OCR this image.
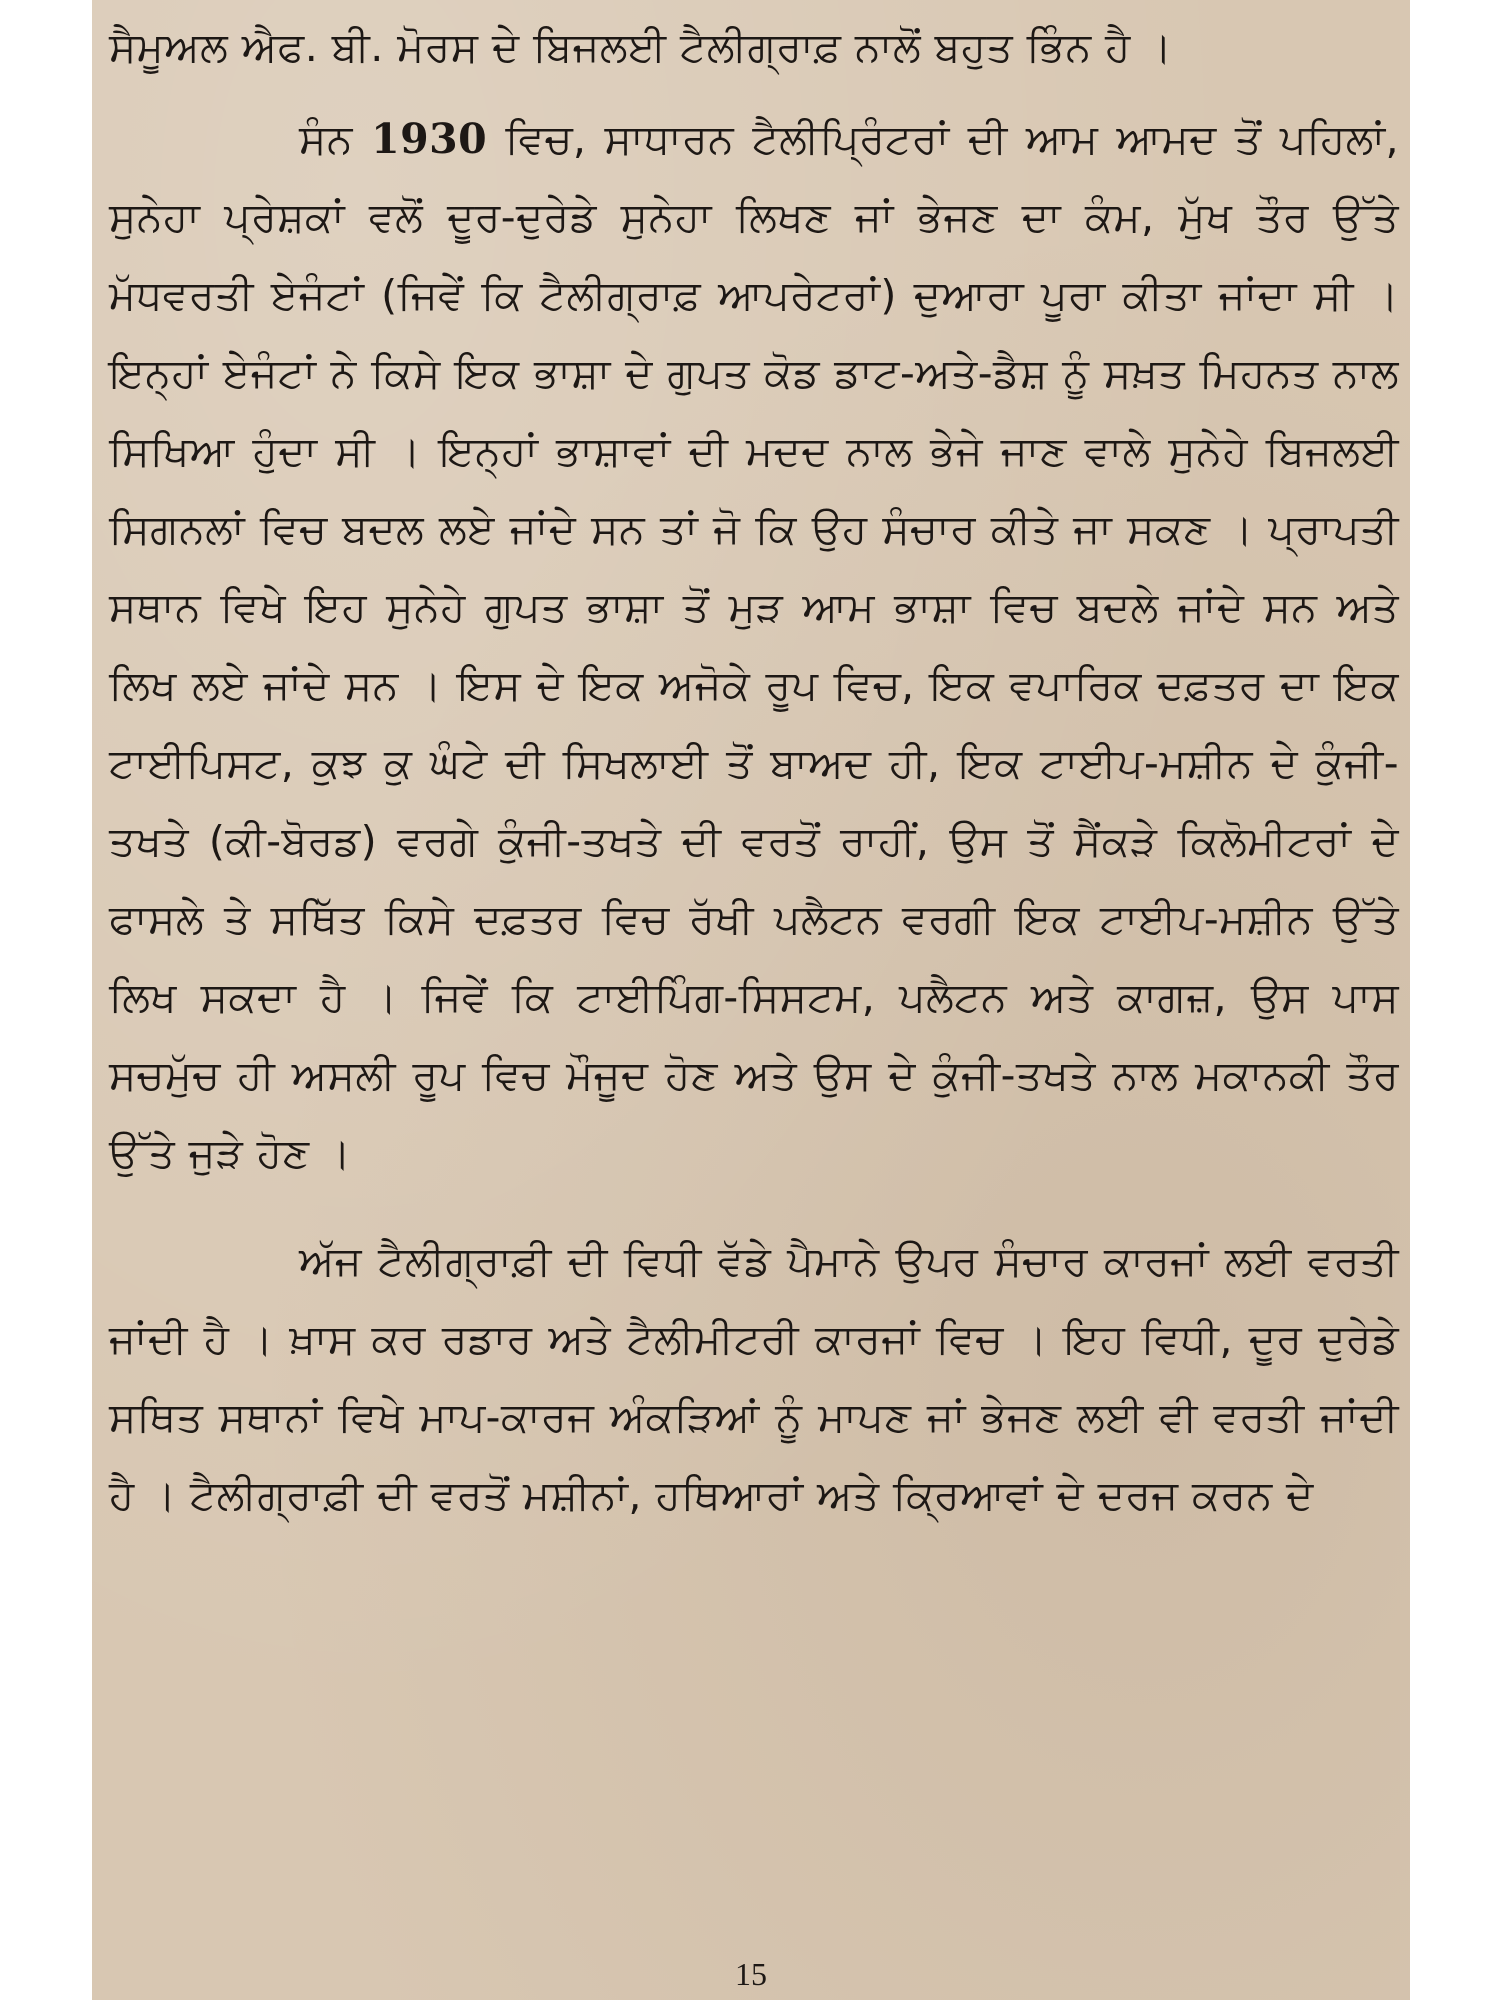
ਸੈਮੂਅਲ ਐਫ. ਬੀ. ਮੋਰਸ ਦੇ ਬਿਜਲਈ ਟੈਲੀਗ੍ਰਾਫ਼ ਨਾਲੋਂ ਬਹੁਤ ਭਿੰਨ ਹੈ ।

ਸੰਨ 1930 ਵਿਚ, ਸਾਧਾਰਨ ਟੈਲੀਪ੍ਰਿੰਟਰਾਂ ਦੀ ਆਮ ਆਮਦ ਤੋਂ ਪਹਿਲਾਂ, ਸੁਨੇਹਾ ਪ੍ਰੇਸ਼ਕਾਂ ਵਲੋਂ ਦੂਰ-ਦੁਰੇਡੇ ਸੁਨੇਹਾ ਲਿਖਣ ਜਾਂ ਭੇਜਣ ਦਾ ਕੰਮ, ਮੁੱਖ ਤੌਰ ਉੱਤੇ ਮੱਧਵਰਤੀ ਏਜੰਟਾਂ (ਜਿਵੇਂ ਕਿ ਟੈਲੀਗ੍ਰਾਫ਼ ਆਪਰੇਟਰਾਂ) ਦੁਆਰਾ ਪੂਰਾ ਕੀਤਾ ਜਾਂਦਾ ਸੀ । ਇਨ੍ਹਾਂ ਏਜੰਟਾਂ ਨੇ ਕਿਸੇ ਇਕ ਭਾਸ਼ਾ ਦੇ ਗੁਪਤ ਕੋਡ ਡਾਟ-ਅਤੇ-ਡੈਸ਼ ਨੂੰ ਸਖ਼ਤ ਮਿਹਨਤ ਨਾਲ ਸਿਖਿਆ ਹੁੰਦਾ ਸੀ । ਇਨ੍ਹਾਂ ਭਾਸ਼ਾਵਾਂ ਦੀ ਮਦਦ ਨਾਲ ਭੇਜੇ ਜਾਣ ਵਾਲੇ ਸੁਨੇਹੇ ਬਿਜਲਈ ਸਿਗਨਲਾਂ ਵਿਚ ਬਦਲ ਲਏ ਜਾਂਦੇ ਸਨ ਤਾਂ ਜੋ ਕਿ ਉਹ ਸੰਚਾਰ ਕੀਤੇ ਜਾ ਸਕਣ । ਪ੍ਰਾਪਤੀ ਸਥਾਨ ਵਿਖੇ ਇਹ ਸੁਨੇਹੇ ਗੁਪਤ ਭਾਸ਼ਾ ਤੋਂ ਮੁੜ ਆਮ ਭਾਸ਼ਾ ਵਿਚ ਬਦਲੇ ਜਾਂਦੇ ਸਨ ਅਤੇ ਲਿਖ ਲਏ ਜਾਂਦੇ ਸਨ । ਇਸ ਦੇ ਇਕ ਅਜੋਕੇ ਰੂਪ ਵਿਚ, ਇਕ ਵਪਾਰਿਕ ਦਫ਼ਤਰ ਦਾ ਇਕ ਟਾਈਪਿਸਟ, ਕੁਝ ਕੁ ਘੰਟੇ ਦੀ ਸਿਖਲਾਈ ਤੋਂ ਬਾਅਦ ਹੀ, ਇਕ ਟਾਈਪ-ਮਸ਼ੀਨ ਦੇ ਕੁੰਜੀ- ਤਖਤੇ (ਕੀ-ਬੋਰਡ) ਵਰਗੇ ਕੁੰਜੀ-ਤਖਤੇ ਦੀ ਵਰਤੋਂ ਰਾਹੀਂ, ਉਸ ਤੋਂ ਸੈਂਕੜੇ ਕਿਲੋਮੀਟਰਾਂ ਦੇ ਫਾਸਲੇ ਤੇ ਸਥਿੱਤ ਕਿਸੇ ਦਫ਼ਤਰ ਵਿਚ ਰੱਖੀ ਪਲੈਟਨ ਵਰਗੀ ਇਕ ਟਾਈਪ-ਮਸ਼ੀਨ ਉੱਤੇ ਲਿਖ ਸਕਦਾ ਹੈ । ਜਿਵੇਂ ਕਿ ਟਾਈਪਿੰਗ-ਸਿਸਟਮ, ਪਲੈਟਨ ਅਤੇ ਕਾਗਜ਼, ਉਸ ਪਾਸ ਸਚਮੁੱਚ ਹੀ ਅਸਲੀ ਰੂਪ ਵਿਚ ਮੌਜੂਦ ਹੋਣ ਅਤੇ ਉਸ ਦੇ ਕੁੰਜੀ-ਤਖਤੇ ਨਾਲ ਮਕਾਨਕੀ ਤੌਰ ਉੱਤੇ ਜੁੜੇ ਹੋਣ ।

ਅੱਜ ਟੈਲੀਗ੍ਰਾਫ਼ੀ ਦੀ ਵਿਧੀ ਵੱਡੇ ਪੈਮਾਨੇ ਉਪਰ ਸੰਚਾਰ ਕਾਰਜਾਂ ਲਈ ਵਰਤੀ ਜਾਂਦੀ ਹੈ । ਖ਼ਾਸ ਕਰ ਰਡਾਰ ਅਤੇ ਟੈਲੀਮੀਟਰੀ ਕਾਰਜਾਂ ਵਿਚ । ਇਹ ਵਿਧੀ, ਦੂਰ ਦੁਰੇਡੇ ਸਥਿਤ ਸਥਾਨਾਂ ਵਿਖੇ ਮਾਪ-ਕਾਰਜ ਅੰਕੜਿਆਂ ਨੂੰ ਮਾਪਣ ਜਾਂ ਭੇਜਣ ਲਈ ਵੀ ਵਰਤੀ ਜਾਂਦੀ ਹੈ । ਟੈਲੀਗ੍ਰਾਫ਼ੀ ਦੀ ਵਰਤੋਂ ਮਸ਼ੀਨਾਂ, ਹਥਿਆਰਾਂ ਅਤੇ ਕ੍ਰਿਆਵਾਂ ਦੇ ਦਰਜ ਕਰਨ ਦੇ

15
